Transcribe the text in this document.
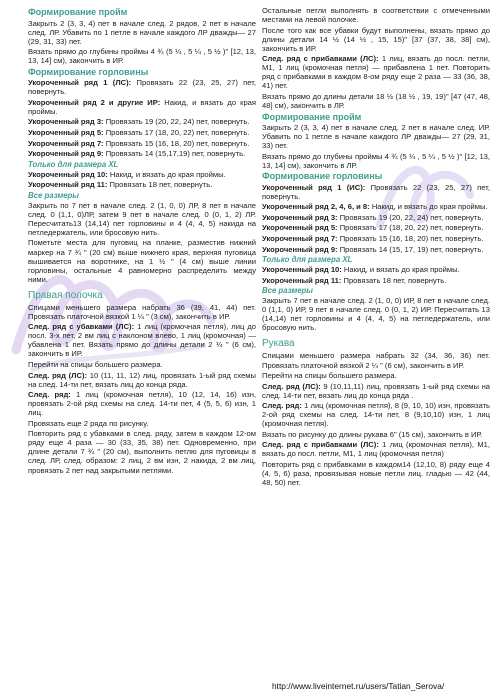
Формирование пройм

Закрыть 2 (3, 3, 4) пет в начале след. 2 рядов, 2 пет в начале след. ЛР. Убавить по 1 петле в начале каждого ЛР дважды— 27 (29, 31, 33) пет.

Вязать прямо до глубины проймы 4 ¾ (5 ¼ , 5 ¼ , 5 ½ )" [12, 13, 13, 14] см), закончить в ИР.

Формирование горловины

Укороченный ряд 1 (ЛС): Провязать 22 (23, 25, 27) пет, повернуть.

Укороченный ряд 2 и другие ИР: Накид, и вязать до края проймы.

Укороченный ряд 3: Провязать 19 (20, 22, 24) пет, повернуть.

Укороченный ряд 5: Провязать 17 (18, 20, 22) пет, повернуть.

Укороченный ряд 7: Провязать 15 (16, 18, 20) пет, повернуть.

Укороченный ряд 9: Провязать 14 (15,17,19) пет, повернуть.

Только для размера XL

Укороченный ряд 10: Накид, и вязать до края проймы.

Укороченный ряд 11: Провязать 18 пет, повернуть.

Все размеры

Закрыть по 7 пет в начале след. 2 (1, 0, 0) ЛР, 8 пет в начале след. 0 (1,1, 0)ЛР, затем 9 пет в начале след. 0 (0, 1, 2) ЛР. Пересчитать13 (14,14) пет горловины и 4 (4, 4, 5) накида на петледержатель, или бросовую нить.

Пометьте места для пуговиц на планке, разместив нижний маркер на 7 ¾ " (20 см) выше нижнего края, верхняя пуговица вышивается на воротнике, на 1 ½ " (4 см) выше линии горловины, остальные 4 равномерно распределить между ними.

Правая полочка

Спицами меньшего размера набрать 36 (39, 41, 44) пет. Провязать платочной вязкой 1 ¼ " (3 см), закончить в ИР.

След. ряд с убавками (ЛС): 1 лиц (кромочная петля), лиц до посл. 3-х пет, 2 вм лиц с наклоном влево, 1 лиц (кромочная) — убавлена 1 пет. Вязать прямо до длины детали 2 ¼ " (6 см), закончить в ИР.

Перейти на спицы большего размера.

След. ряд (ЛС): 10 (11, 11, 12) лиц, провязать 1-ый ряд схемы на след. 14-ти пет, вязать лиц до конца ряда.

След. ряд: 1 лиц (кромочная петля), 10 (12, 14, 16) изн, провязать 2-ой ряд схемы на след. 14-ти пет, 4 (5, 5, 6) изн, 1 лиц.

Провязать еще 2 ряда по рисунку.

Повторить ряд с убавками в след. ряду, затем в каждом 12-ом ряду еще 4 раза — 30 (33, 35, 38) пет. Одновременно, при длине детали 7 ¾ " (20 см), выполнить петлю для пуговицы в след. ЛР, след. образом: 2 лиц, 2 вм изн, 2 накида, 2 вм лиц, провязать 2 пет над закрытыми петлями.

Остальные петли выполнять в соответствии с отмеченными местами на левой полочке.

После того как все убавки будут выполнены, вязать прямо до длины детали 14 ½ (14 ½ , 15, 15)" [37 (37, 38, 38] см), закончить в ИР.

След. ряд с прибавками (ЛС): 1 лиц, вязать до посл. петли, М1, 1 лиц (кромочная петля) — прибавлена 1 пет. Повторить ряд с прибавками в каждом 8-ом ряду еще 2 раза — 33 (36, 38, 41) пет.

Вязать прямо до длины детали 18 ½ (18 ½ , 19, 19)" [47 (47, 48, 48] см), закончить в ЛР.

Формирование пройм

Закрыть 2 (3, 3, 4) пет в начале след. 2 пет в начале след. ИР. Убавить по 1 петле в начале каждого ЛР дважды— 27 (29, 31, 33) пет.

Вязать прямо до глубины проймы 4 ¾ (5 ¼ , 5 ¼ , 5 ½ )" [12, 13, 13, 14] см), закончить в ЛР.

Формирование горловины

Укороченный ряд 1 (ИС): Провязать 22 (23, 25, 27) пет, повернуть.

Укороченный ряд 2, 4, 6, и 8: Накид, и вязать до края проймы.

Укороченный ряд 3: Провязать 19 (20, 22, 24) пет, повернуть.

Укороченный ряд 5: Провязать 17 (18, 20, 22) пет, повернуть.

Укороченный ряд 7: Провязать 15 (16, 18, 20) пет, повернуть.

Укороченный ряд 9: Провязать 14 (15, 17, 19) пет, повернуть.

Только для размера XL

Укороченный ряд 10: Накид, и вязать до края проймы.

Укороченный ряд 11: Провязать 18 пет, повернуть.

Все размеры

Закрыть 7 пет в начале след. 2 (1, 0, 0) ИР, 8 пет в начале след. 0 (1,1, 0) ИР, 9 пет в начале след. 0 (0, 1, 2) ИР. Пересчитать 13 (14,14) пет горловины и 4 (4, 4, 5) на петледержатель, или бросовую нить.

Рукава

Спицами меньшего размера набрать 32 (34, 36, 36) пет. Провязать платочной вязкой 2 ¼ " (6 см), закончить в ИР.

Перейти на спицы большего размера.

След. ряд (ЛС): 9 (10,11,11) лиц, провязать 1-ый ряд схемы на след. 14-ти пет, вязать лиц до конца ряда .

След. ряд: 1 лиц (кромочная петля), 8 (9, 10, 10) изн, провязать 2-ой ряд схемы на след. 14-ти пет, 8 (9,10,10) изн, 1 лиц (кромочная петля).

Вязать по рисунку до длины рукава 6" (15 см), закончить в ИР.

След. ряд с прибавками (ЛС): 1 лиц (кромочная петля), М1, вязать до посл. петли, М1, 1 лиц (кромочная петля)

Повторить ряд с прибавками в каждом14 (12,10, 8) ряду еще 4 (4, 5, 6) раза, провязывая новые петли лиц. гладью — 42 (44, 48, 50) пет.

http://www.liveinternet.ru/users/Tatian_Serova/
